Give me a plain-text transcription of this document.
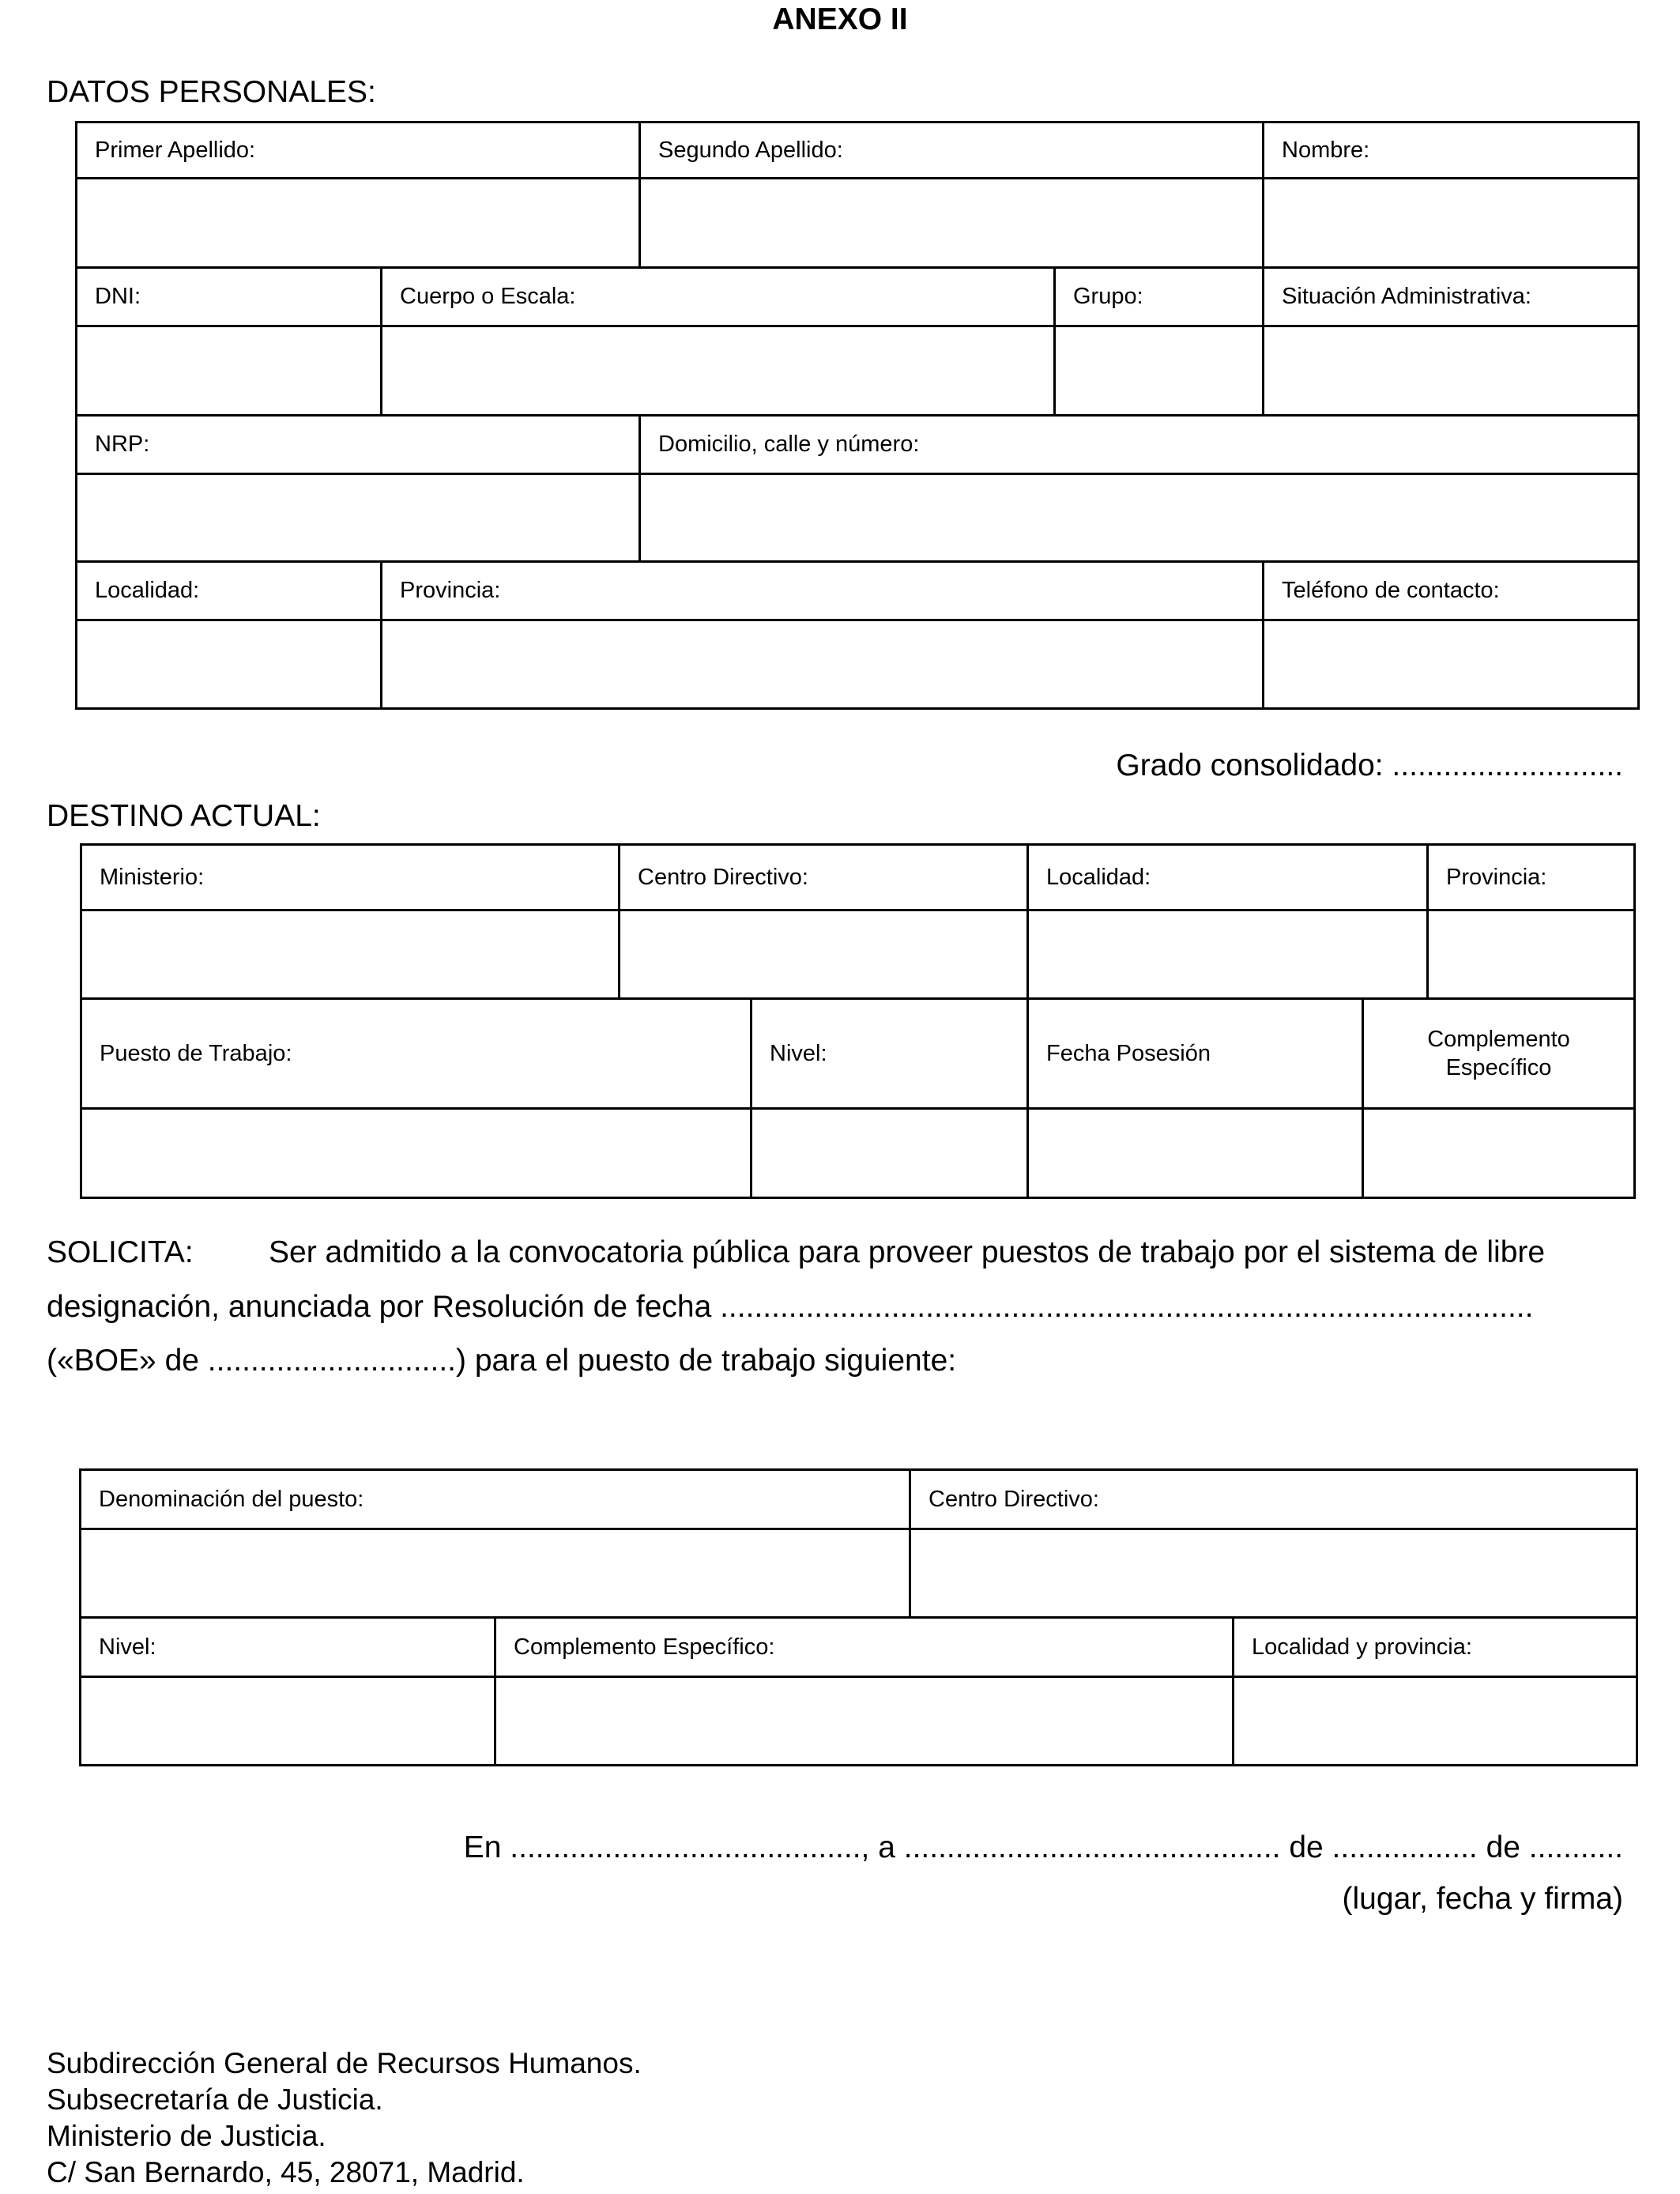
ANEXO II
DATOS PERSONALES:
Primer Apellido:		Segundo Apellido:		Nombre:

DNI:	Cuerpo o Escala:		Grupo:	Situación Administrativa:

NRP:		Domicilio, calle y número:		

Localidad:	Provincia:			Teléfono de contacto:

Grado consolidado: ...........................
DESTINO ACTUAL:
Ministerio:	Centro Directivo:		Localidad:		Provincia:

Puesto de Trabajo:		Nivel:	Fecha Posesión	Complemento
Específico	

SOLICITA: Ser admitido a la convocatoria pública para proveer puestos de trabajo por el sistema de libre
designación, anunciada por Resolución de fecha ...............................................................................................
(«BOE» de .............................) para el puesto de trabajo siguiente:
Denominación del puesto:		Centro Directivo:	

Nivel:	Complemento Específico:		Localidad y provincia:

En ........................................., a ............................................ de ................. de ...........
(lugar, fecha y firma)
Subdirección General de Recursos Humanos.
Subsecretaría de Justicia.
Ministerio de Justicia.
C/ San Bernardo, 45, 28071, Madrid.
